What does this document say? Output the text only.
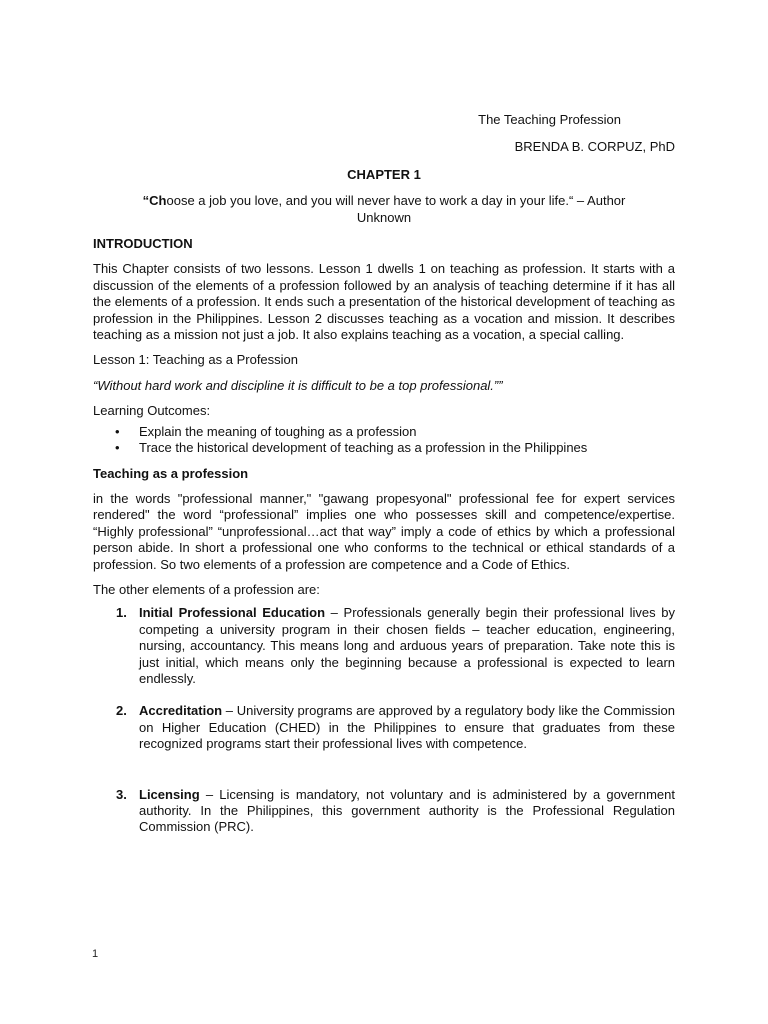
The Teaching Profession
BRENDA B. CORPUZ, PhD
CHAPTER 1
“Choose a job you love, and you will never have to work a day in your life.“ – Author Unknown
INTRODUCTION

This Chapter consists of two lessons. Lesson 1 dwells 1 on teaching as profession. It starts with a discussion of the elements of a profession followed by an analysis of teaching determine if it has all the elements of a profession. It ends such a presentation of the historical development of teaching as profession in the Philippines. Lesson 2 discusses teaching as a vocation and mission. It describes teaching as a mission not just a job. It also explains teaching as a vocation, a special calling.

Lesson 1: Teaching as a Profession

“Without hard work and discipline it is difficult to be a top professional.””

Learning Outcomes:

• Explain the meaning of toughing as a profession
• Trace the historical development of teaching as a profession in the Philippines

Teaching as a profession

in the words "professional manner," "gawang propesyonal" professional fee for expert services rendered" the word “professional” implies one who possesses skill and competence/expertise. “Highly professional” “unprofessional…act that way” imply a code of ethics by which a professional person abide. In short a professional one who conforms to the technical or ethical standards of a profession. So two elements of a profession are competence and a Code of Ethics.

The other elements of a profession are:

1. Initial Professional Education – Professionals generally begin their professional lives by competing a university program in their chosen fields – teacher education, engineering, nursing, accountancy. This means long and arduous years of preparation. Take note this is just initial, which means only the beginning because a professional is expected to learn endlessly.
2. Accreditation – University programs are approved by a regulatory body like the Commission on Higher Education (CHED) in the Philippines to ensure that graduates from these recognized programs start their professional lives with competence.
3. Licensing – Licensing is mandatory, not voluntary and is administered by a government authority. In the Philippines, this government authority is the Professional Regulation Commission (PRC).
1
